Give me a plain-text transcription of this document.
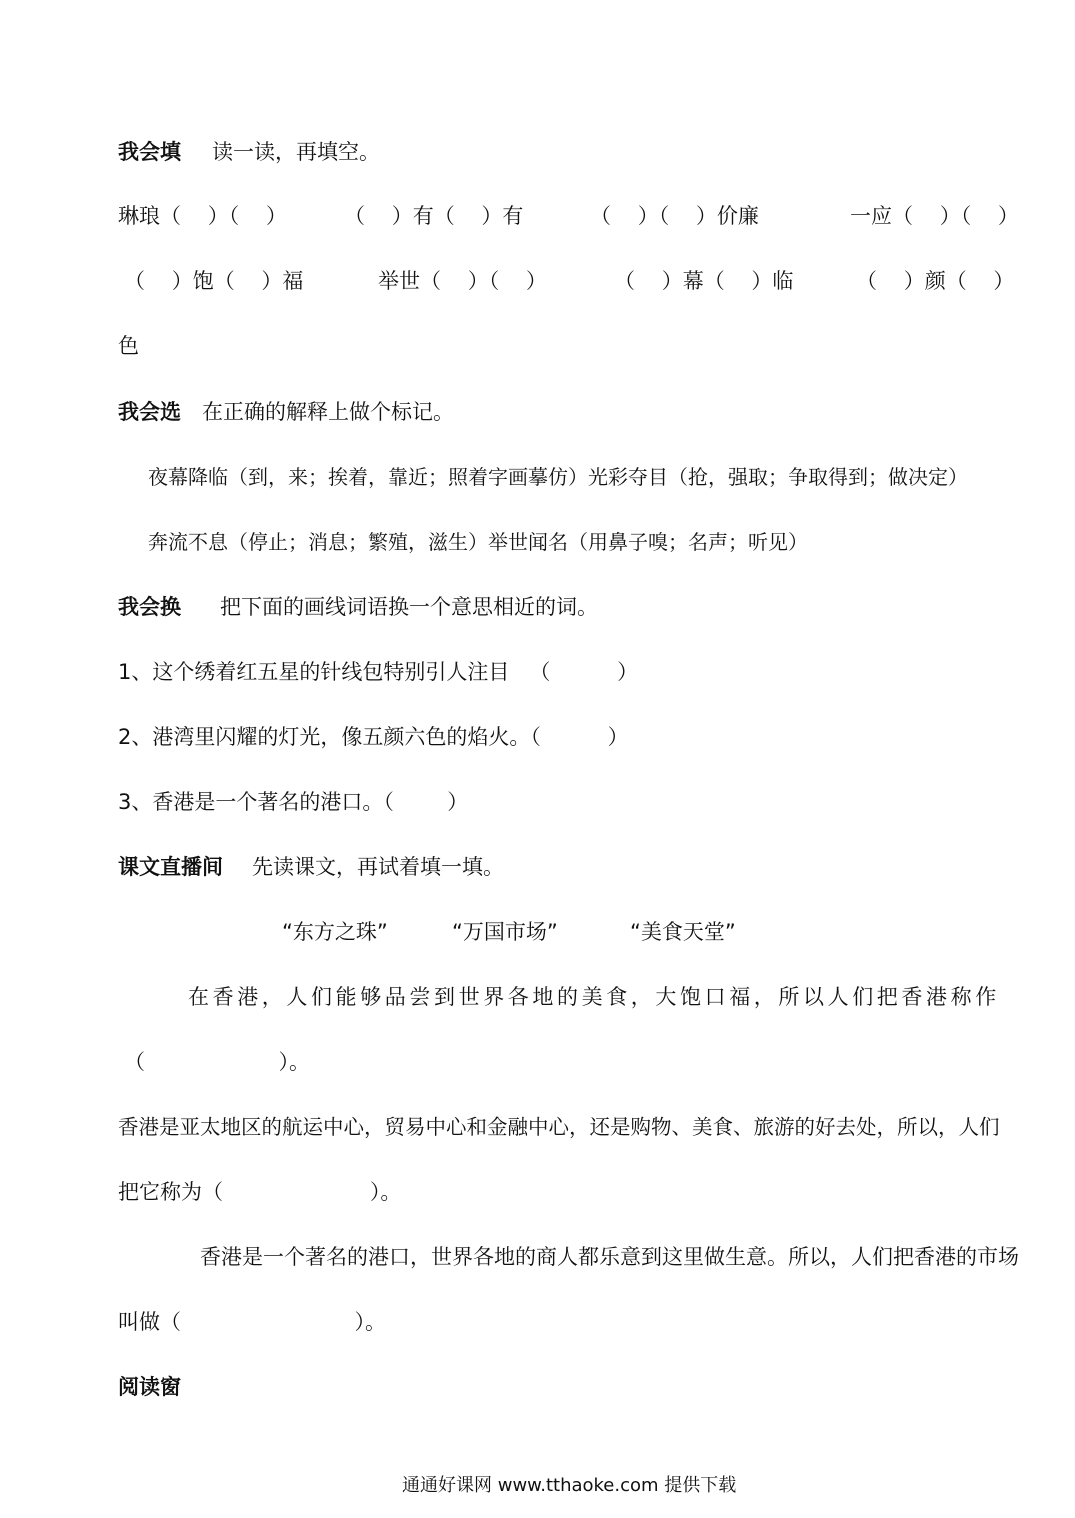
我会填 读一读，再填空。
琳琅（    ）（    ）	（    ）有（    ）有	（    ）（    ）价廉	一应（    ）（    ）
（    ）饱（    ）福	举世（    ）（    ）	（    ）幕（    ）临	（    ）颜（    ）
色
我会选 在正确的解释上做个标记。
夜幕降临（到，来；挨着，靠近；照着字画摹仿）光彩夺目（抢，强取；争取得到；做决定）
奔流不息（停止；消息；繁殖，滋生）举世闻名（用鼻子嗅；名声；听见）
我会换 把下面的画线词语换一个意思相近的词。
1、这个绣着红五星的针线包特别引人注目   （          ）
2、港湾里闪耀的灯光，像五颜六色的焰火。（          ）
3、香港是一个著名的港口。（        ）
课文直播间 先读课文，再试着填一填。
“东方之珠”	“万国市场”	“美食天堂”
在香港，人们能够品尝到世界各地的美食，大饱口福，所以人们把香港称作
（                    ）。
香港是亚太地区的航运中心，贸易中心和金融中心，还是购物、美食、旅游的好去处，所以，人们
把它称为（                      ）。
香港是一个著名的港口，世界各地的商人都乐意到这里做生意。所以，人们把香港的市场
叫做（                          ）。
阅读窗
通通好课网 www.tthaoke.com 提供下载
